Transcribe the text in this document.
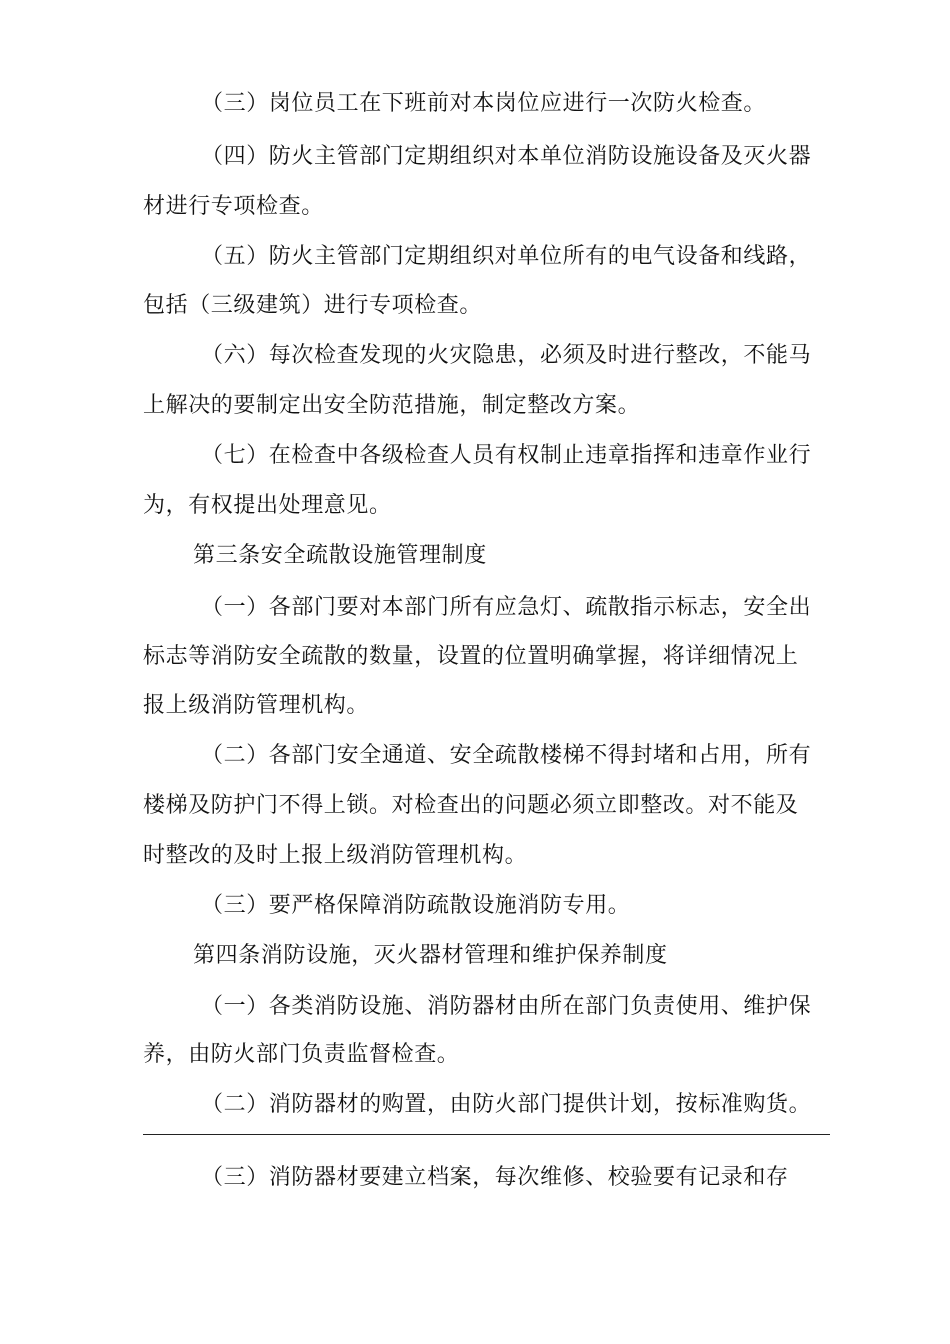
（三）岗位员工在下班前对本岗位应进行一次防火检查。
（四）防火主管部门定期组织对本单位消防设施设备及灭火器
材进行专项检查。
（五）防火主管部门定期组织对单位所有的电气设备和线路，
包括（三级建筑）进行专项检查。
（六）每次检查发现的火灾隐患，必须及时进行整改，不能马
上解决的要制定出安全防范措施，制定整改方案。
（七）在检查中各级检查人员有权制止违章指挥和违章作业行
为，有权提出处理意见。
第三条安全疏散设施管理制度
（一）各部门要对本部门所有应急灯、疏散指示标志，安全出
标志等消防安全疏散的数量，设置的位置明确掌握，将详细情况上
报上级消防管理机构。
（二）各部门安全通道、安全疏散楼梯不得封堵和占用，所有
楼梯及防护门不得上锁。对检查出的问题必须立即整改。对不能及
时整改的及时上报上级消防管理机构。
（三）要严格保障消防疏散设施消防专用。
第四条消防设施，灭火器材管理和维护保养制度
（一）各类消防设施、消防器材由所在部门负责使用、维护保
养，由防火部门负责监督检查。
（二）消防器材的购置，由防火部门提供计划，按标准购货。
（三）消防器材要建立档案，每次维修、校验要有记录和存
